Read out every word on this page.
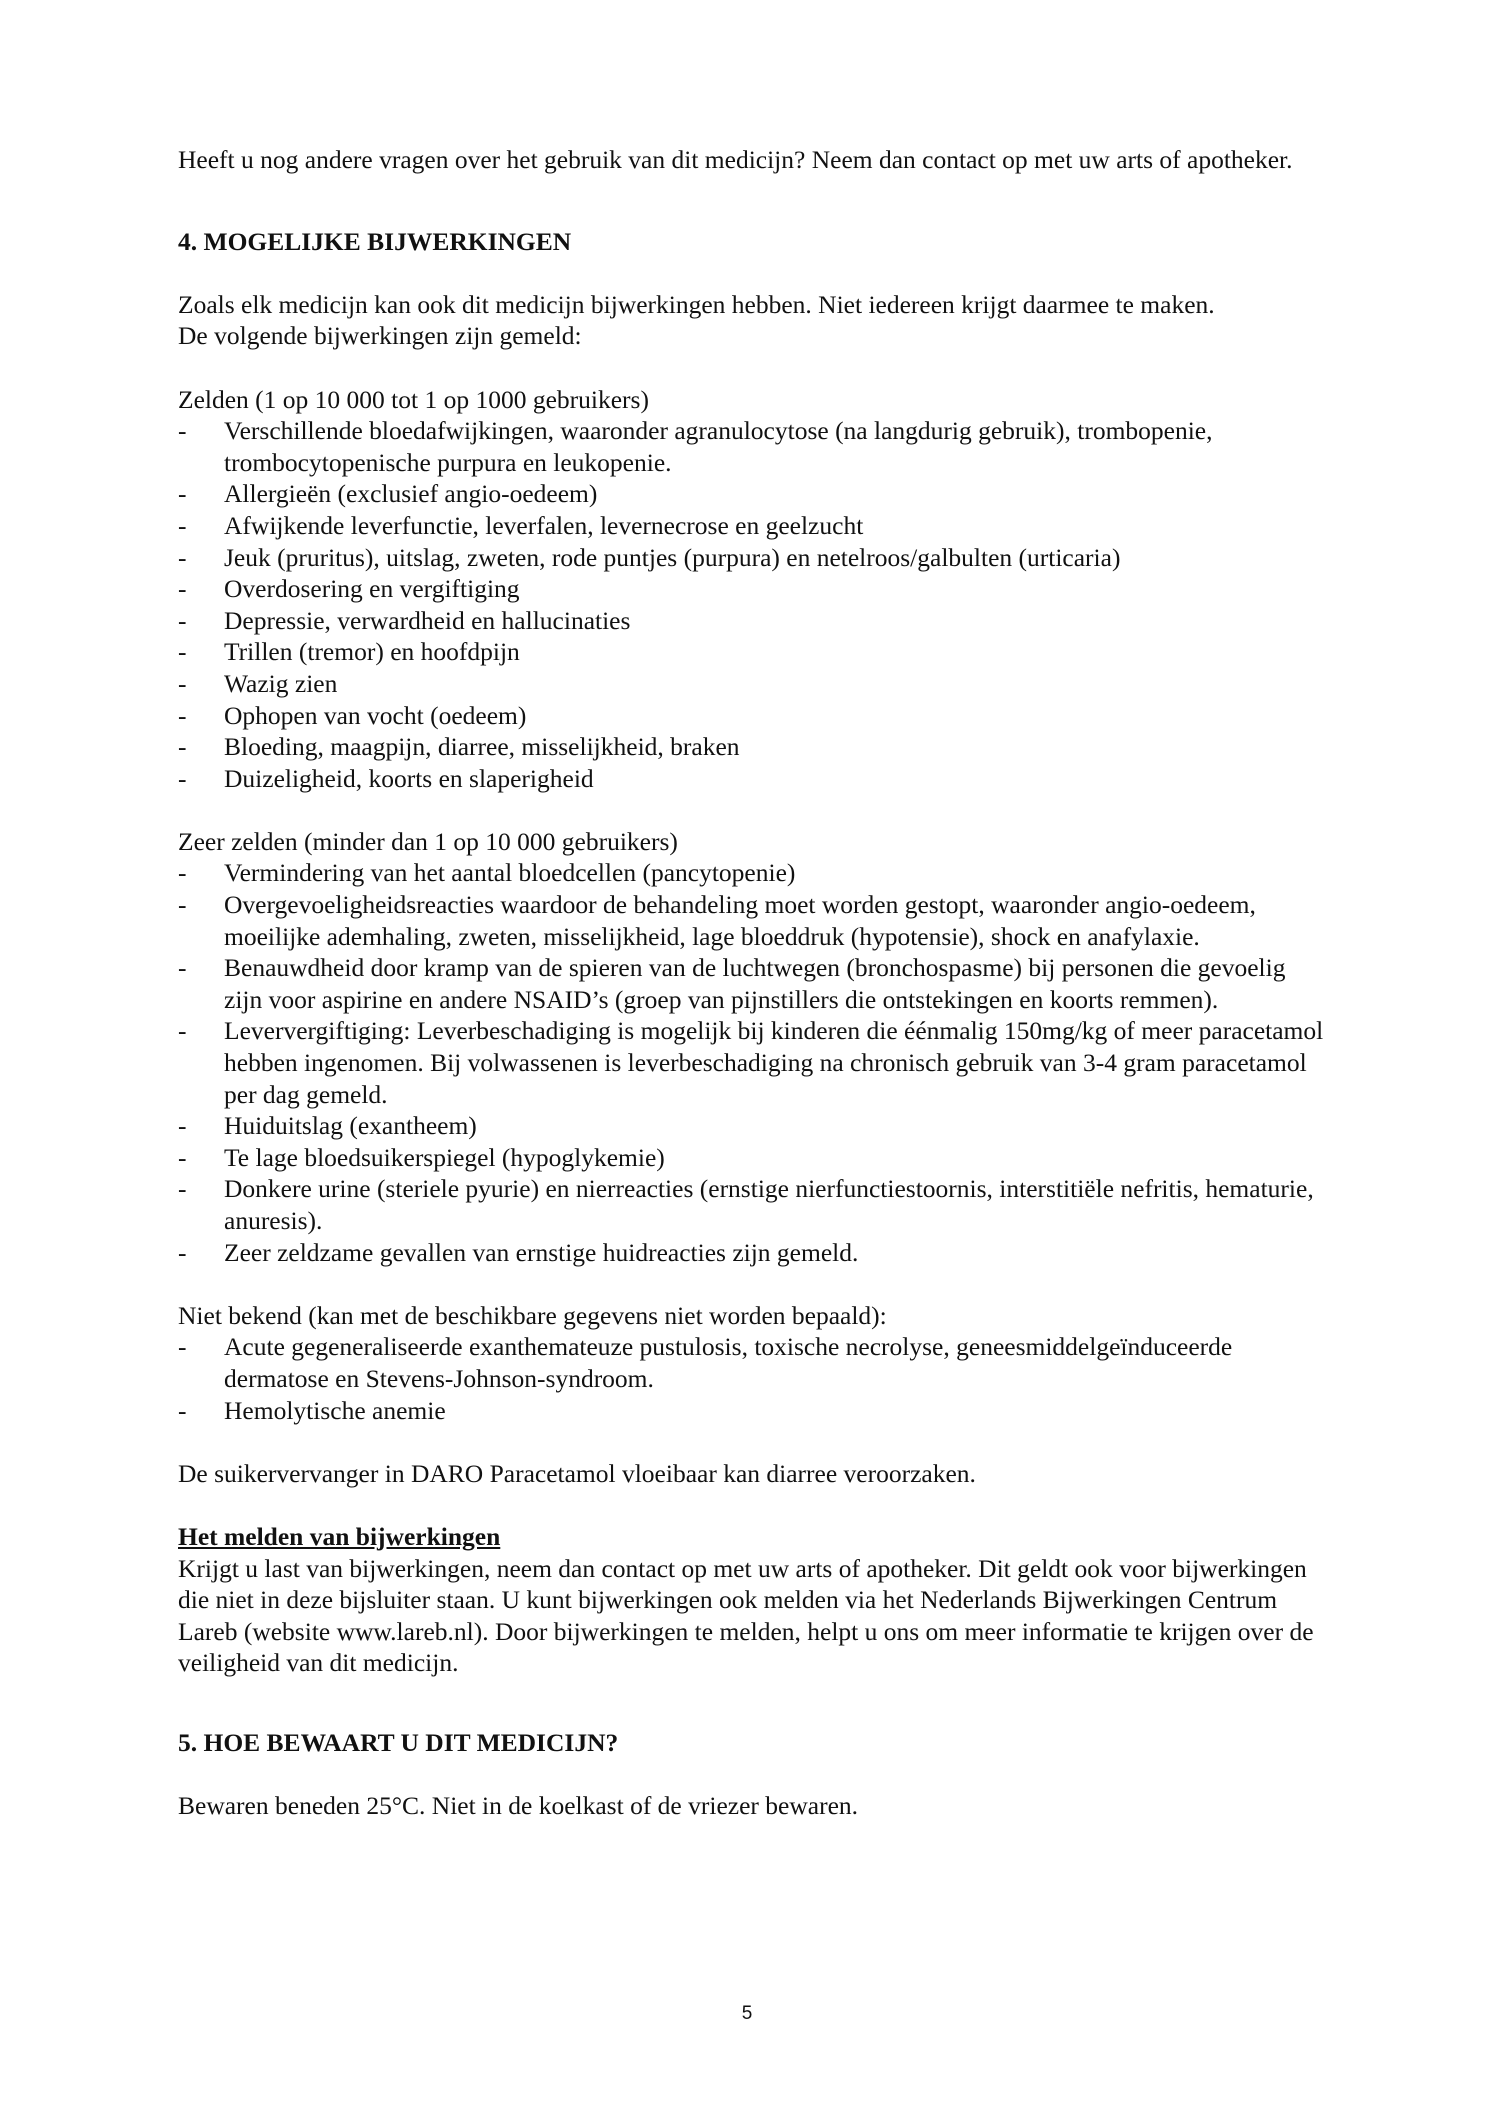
Heeft u nog andere vragen over het gebruik van dit medicijn? Neem dan contact op met uw arts of apotheker.

4. MOGELIJKE BIJWERKINGEN

Zoals elk medicijn kan ook dit medicijn bijwerkingen hebben. Niet iedereen krijgt daarmee te maken.

De volgende bijwerkingen zijn gemeld:

Zelden (1 op 10 000 tot 1 op 1000 gebruikers)

- Verschillende bloedafwijkingen, waaronder agranulocytose (na langdurig gebruik), trombopenie, trombocytopenische purpura en leukopenie.
- Allergieën (exclusief angio-oedeem)
- Afwijkende leverfunctie, leverfalen, levernecrose en geelzucht
- Jeuk (pruritus), uitslag, zweten, rode puntjes (purpura) en netelroos/galbulten (urticaria)
- Overdosering en vergiftiging
- Depressie, verwardheid en hallucinaties
- Trillen (tremor) en hoofdpijn
- Wazig zien
- Ophopen van vocht (oedeem)
- Bloeding, maagpijn, diarree, misselijkheid, braken
- Duizeligheid, koorts en slaperigheid

Zeer zelden (minder dan 1 op 10 000 gebruikers)

- Vermindering van het aantal bloedcellen (pancytopenie)
- Overgevoeligheidsreacties waardoor de behandeling moet worden gestopt, waaronder angio-oedeem, moeilijke ademhaling, zweten, misselijkheid, lage bloeddruk (hypotensie), shock en anafylaxie.
- Benauwdheid door kramp van de spieren van de luchtwegen (bronchospasme) bij personen die gevoelig zijn voor aspirine en andere NSAID’s (groep van pijnstillers die ontstekingen en koorts remmen).
- Leververgiftiging: Leverbeschadiging is mogelijk bij kinderen die éénmalig 150mg/kg of meer paracetamol hebben ingenomen. Bij volwassenen is leverbeschadiging na chronisch gebruik van 3-4 gram paracetamol per dag gemeld.
- Huiduitslag (exantheem)
- Te lage bloedsuikerspiegel (hypoglykemie)
- Donkere urine (steriele pyurie) en nierreacties (ernstige nierfunctiestoornis, interstitiële nefritis, hematurie, anuresis).
- Zeer zeldzame gevallen van ernstige huidreacties zijn gemeld.

Niet bekend (kan met de beschikbare gegevens niet worden bepaald):

- Acute gegeneraliseerde exanthemateuze pustulosis, toxische necrolyse, geneesmiddelgeïnduceerde dermatose en Stevens-Johnson-syndroom.
- Hemolytische anemie

De suikervervanger in DARO Paracetamol vloeibaar kan diarree veroorzaken.

Het melden van bijwerkingen

Krijgt u last van bijwerkingen, neem dan contact op met uw arts of apotheker. Dit geldt ook voor bijwerkingen die niet in deze bijsluiter staan. U kunt bijwerkingen ook melden via het Nederlands Bijwerkingen Centrum Lareb (website www.lareb.nl). Door bijwerkingen te melden, helpt u ons om meer informatie te krijgen over de veiligheid van dit medicijn.

5. HOE BEWAART U DIT MEDICIJN?

Bewaren beneden 25°C. Niet in de koelkast of de vriezer bewaren.

5
